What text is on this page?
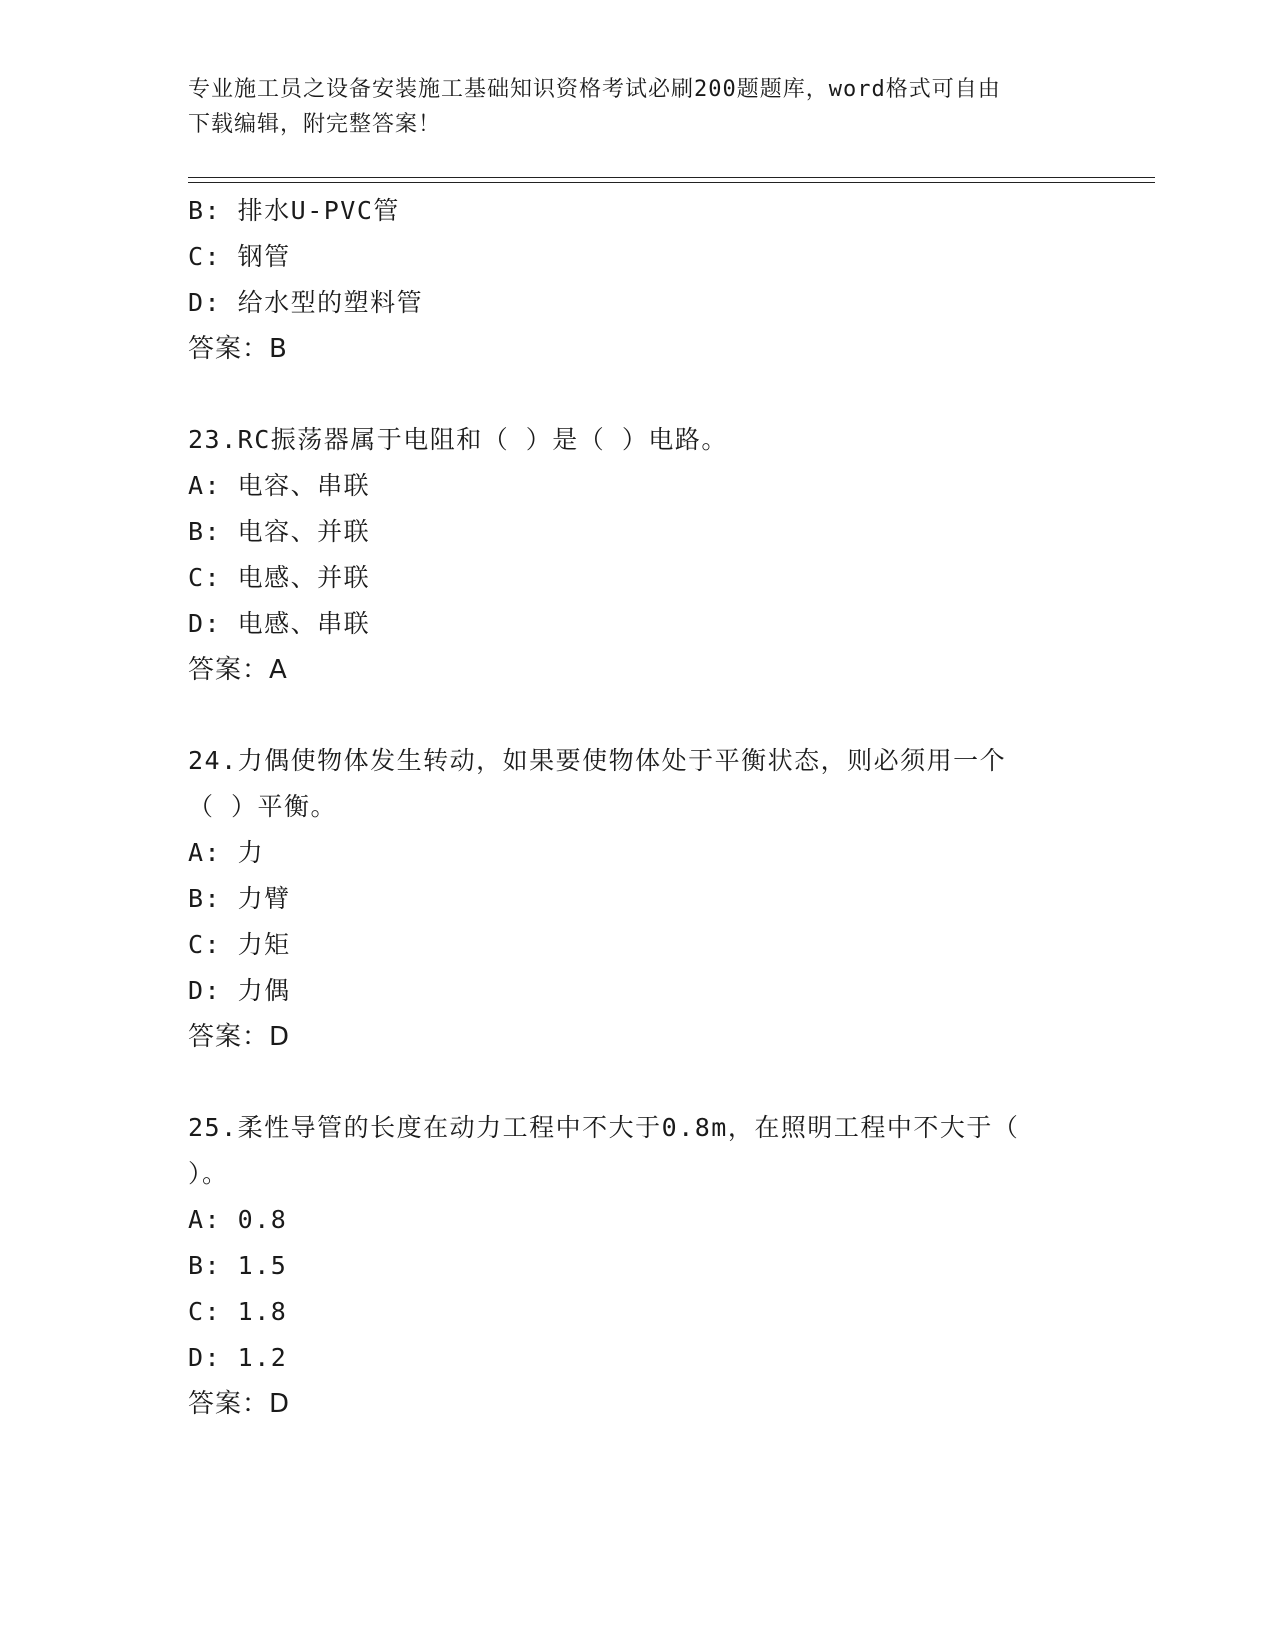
专业施工员之设备安装施工基础知识资格考试必刷200题题库，word格式可自由
下载编辑，附完整答案！
B: 排水U-PVC管
C: 钢管
D: 给水型的塑料管
答案：B
23.RC振荡器属于电阻和（ ）是（ ）电路。
A: 电容、串联
B: 电容、并联
C: 电感、并联
D: 电感、串联
答案：A
24.力偶使物体发生转动，如果要使物体处于平衡状态，则必须用一个
（ ）平衡。
A: 力
B: 力臂
C: 力矩
D: 力偶
答案：D
25.柔性导管的长度在动力工程中不大于0.8m，在照明工程中不大于（
）。
A: 0.8
B: 1.5
C: 1.8
D: 1.2
答案：D
